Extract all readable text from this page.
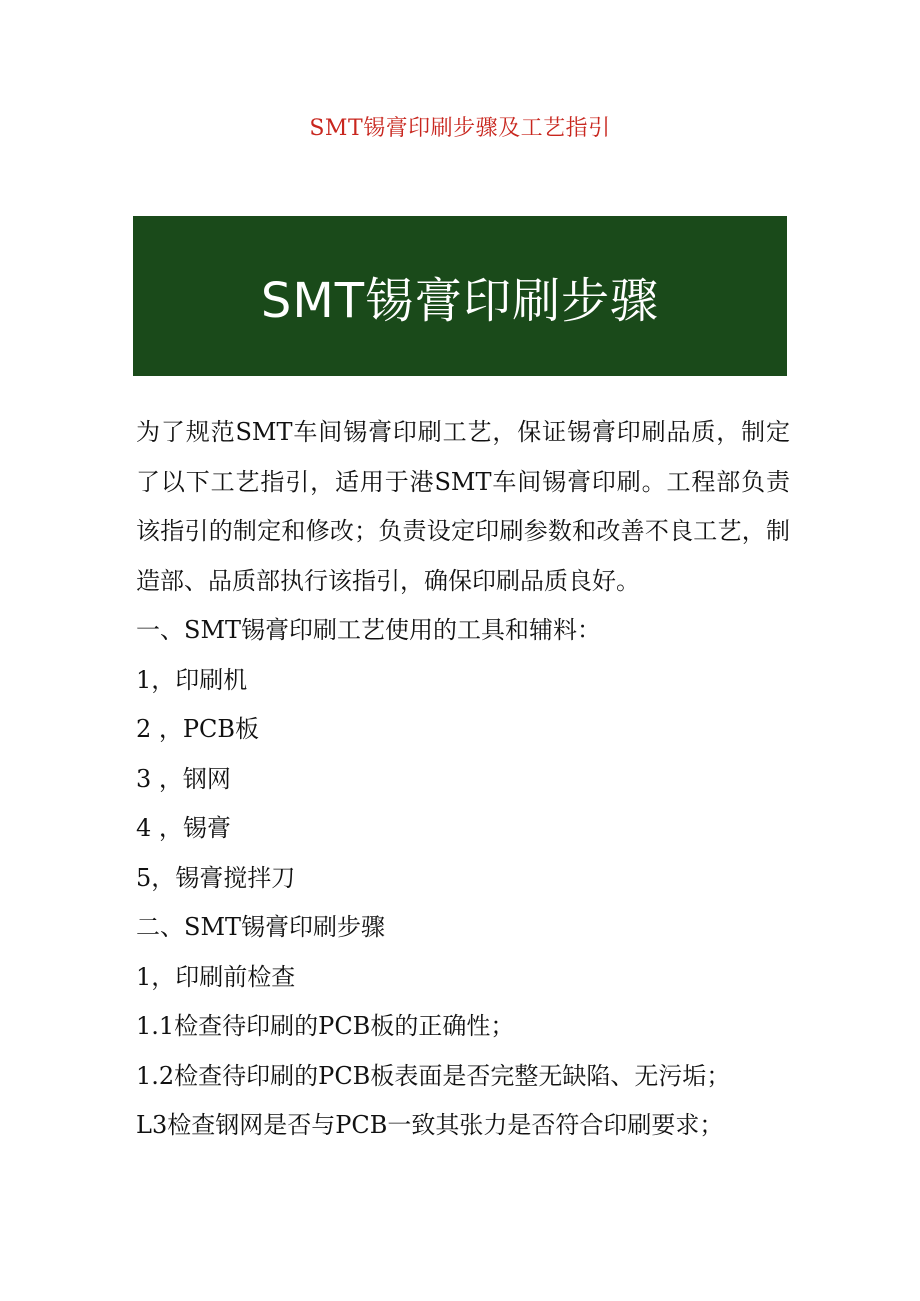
SMT锡膏印刷步骤及工艺指引
SMT锡膏印刷步骤

为了规范SMT车间锡膏印刷工艺，保证锡膏印刷品质，制定了以下工艺指引，适用于港SMT车间锡膏印刷。工程部负责该指引的制定和修改；负责设定印刷参数和改善不良工艺，制造部、品质部执行该指引，确保印刷品质良好。

一、SMT锡膏印刷工艺使用的工具和辅料：

1，印刷机

2 ，PCB板

3 ，钢网

4 ，锡膏

5，锡膏搅拌刀

二、SMT锡膏印刷步骤

1，印刷前检查

1.1检查待印刷的PCB板的正确性；

1.2检查待印刷的PCB板表面是否完整无缺陷、无污垢；

L3检查钢网是否与PCB一致其张力是否符合印刷要求；
